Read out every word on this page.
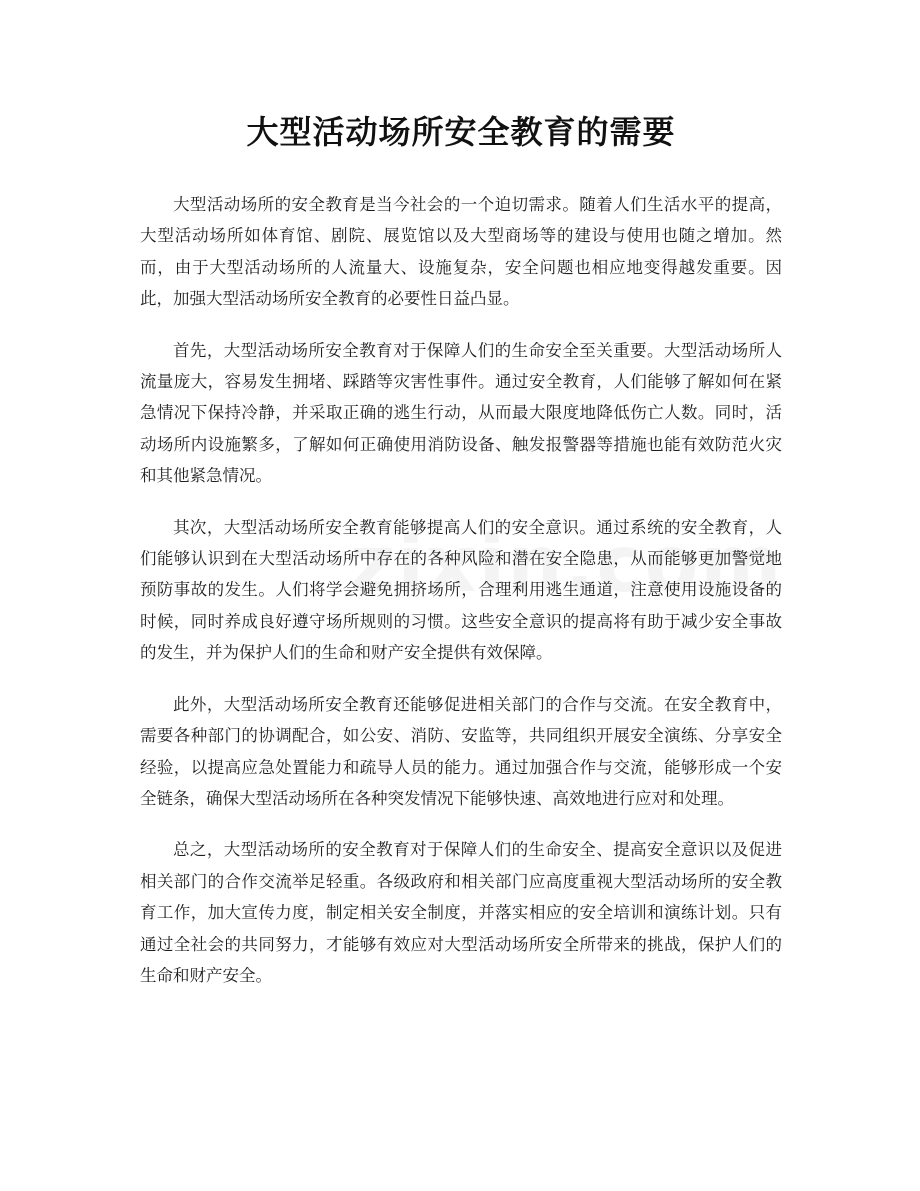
大型活动场所安全教育的需要

大型活动场所的安全教育是当今社会的一个迫切需求。随着人们生活水平的提高，大型活动场所如体育馆、剧院、展览馆以及大型商场等的建设与使用也随之增加。然而，由于大型活动场所的人流量大、设施复杂，安全问题也相应地变得越发重要。因此，加强大型活动场所安全教育的必要性日益凸显。

首先，大型活动场所安全教育对于保障人们的生命安全至关重要。大型活动场所人流量庞大，容易发生拥堵、踩踏等灾害性事件。通过安全教育，人们能够了解如何在紧急情况下保持冷静，并采取正确的逃生行动，从而最大限度地降低伤亡人数。同时，活动场所内设施繁多，了解如何正确使用消防设备、触发报警器等措施也能有效防范火灾和其他紧急情况。

其次，大型活动场所安全教育能够提高人们的安全意识。通过系统的安全教育，人们能够认识到在大型活动场所中存在的各种风险和潜在安全隐患，从而能够更加警觉地预防事故的发生。人们将学会避免拥挤场所，合理利用逃生通道，注意使用设施设备的时候，同时养成良好遵守场所规则的习惯。这些安全意识的提高将有助于减少安全事故的发生，并为保护人们的生命和财产安全提供有效保障。

此外，大型活动场所安全教育还能够促进相关部门的合作与交流。在安全教育中，需要各种部门的协调配合，如公安、消防、安监等，共同组织开展安全演练、分享安全经验，以提高应急处置能力和疏导人员的能力。通过加强合作与交流，能够形成一个安全链条，确保大型活动场所在各种突发情况下能够快速、高效地进行应对和处理。

总之，大型活动场所的安全教育对于保障人们的生命安全、提高安全意识以及促进相关部门的合作交流举足轻重。各级政府和相关部门应高度重视大型活动场所的安全教育工作，加大宣传力度，制定相关安全制度，并落实相应的安全培训和演练计划。只有通过全社会的共同努力，才能够有效应对大型活动场所安全所带来的挑战，保护人们的生命和财产安全。
